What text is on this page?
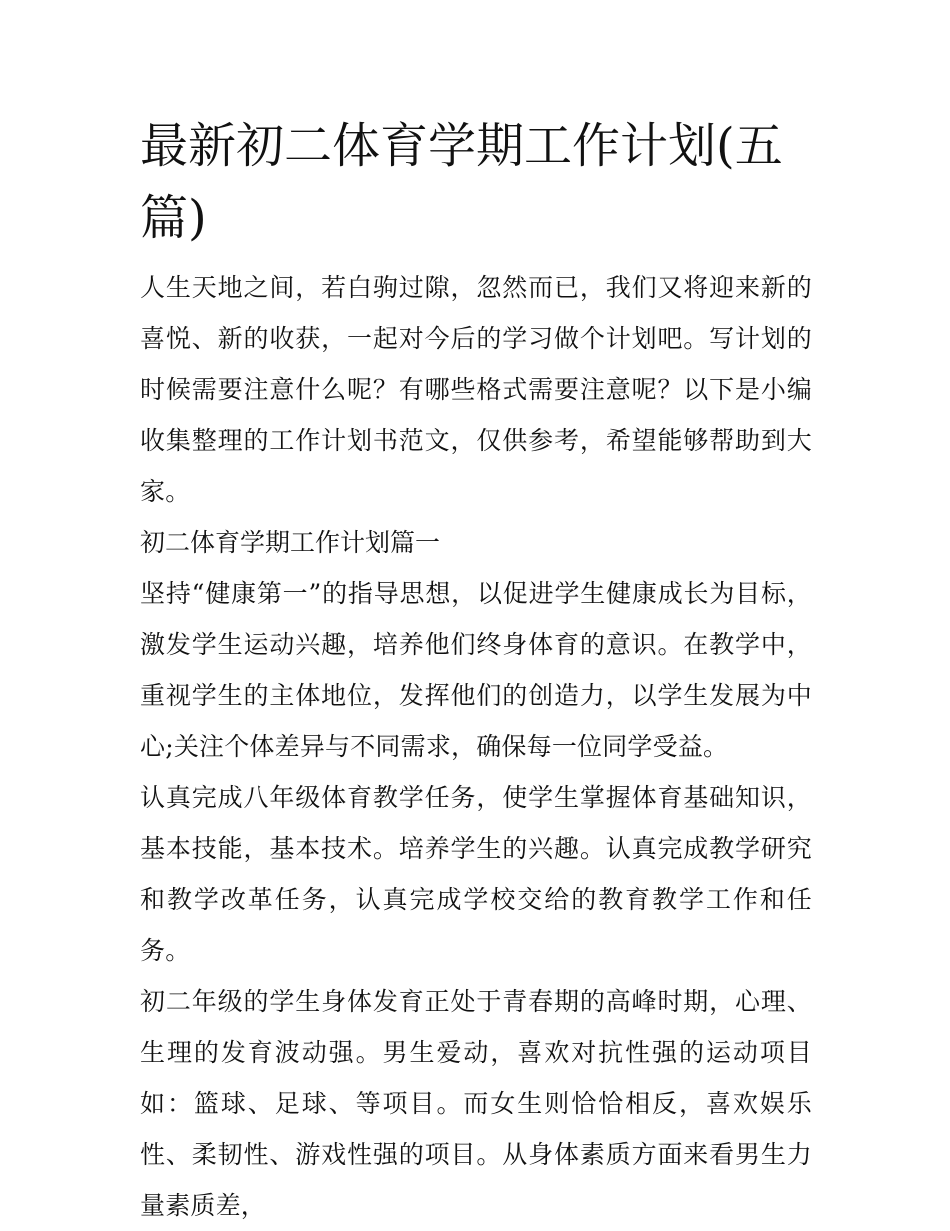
最新初二体育学期工作计划(五篇)

人生天地之间，若白驹过隙，忽然而已，我们又将迎来新的喜悦、新的收获，一起对今后的学习做个计划吧。写计划的时候需要注意什么呢？有哪些格式需要注意呢？以下是小编收集整理的工作计划书范文，仅供参考，希望能够帮助到大家。

初二体育学期工作计划篇一

坚持“健康第一”的指导思想，以促进学生健康成长为目标，激发学生运动兴趣，培养他们终身体育的意识。在教学中，重视学生的主体地位，发挥他们的创造力，以学生发展为中心;关注个体差异与不同需求，确保每一位同学受益。

认真完成八年级体育教学任务，使学生掌握体育基础知识，基本技能，基本技术。培养学生的兴趣。认真完成教学研究和教学改革任务，认真完成学校交给的教育教学工作和任务。

初二年级的学生身体发育正处于青春期的高峰时期，心理、生理的发育波动强。男生爱动，喜欢对抗性强的运动项目如：篮球、足球、等项目。而女生则恰恰相反，喜欢娱乐性、柔韧性、游戏性强的项目。从身体素质方面来看男生力量素质差，
